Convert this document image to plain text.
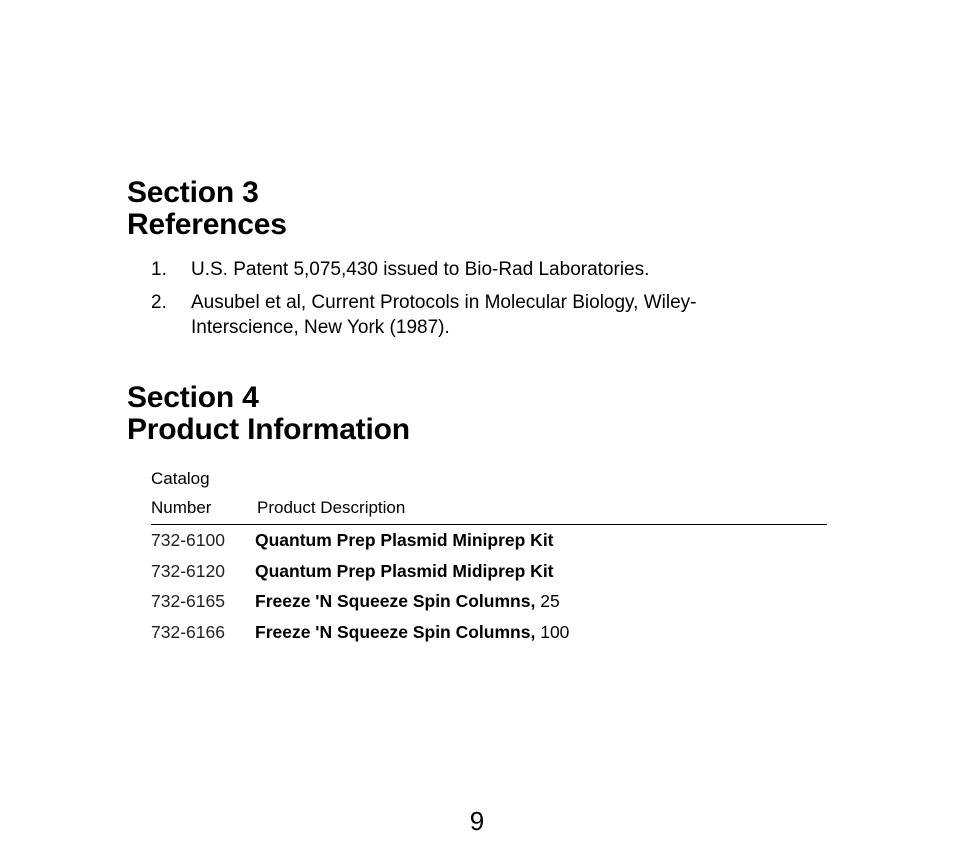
Section 3
References
1. U.S. Patent 5,075,430 issued to Bio-Rad Laboratories.
2. Ausubel et al, Current Protocols in Molecular Biology, Wiley-Interscience, New York (1987).
Section 4
Product Information
Catalog
Number	Product Description
732-6100 Quantum Prep Plasmid Miniprep Kit
732-6120 Quantum Prep Plasmid Midiprep Kit
732-6165 Freeze 'N Squeeze Spin Columns, 25
732-6166 Freeze 'N Squeeze Spin Columns, 100
9
